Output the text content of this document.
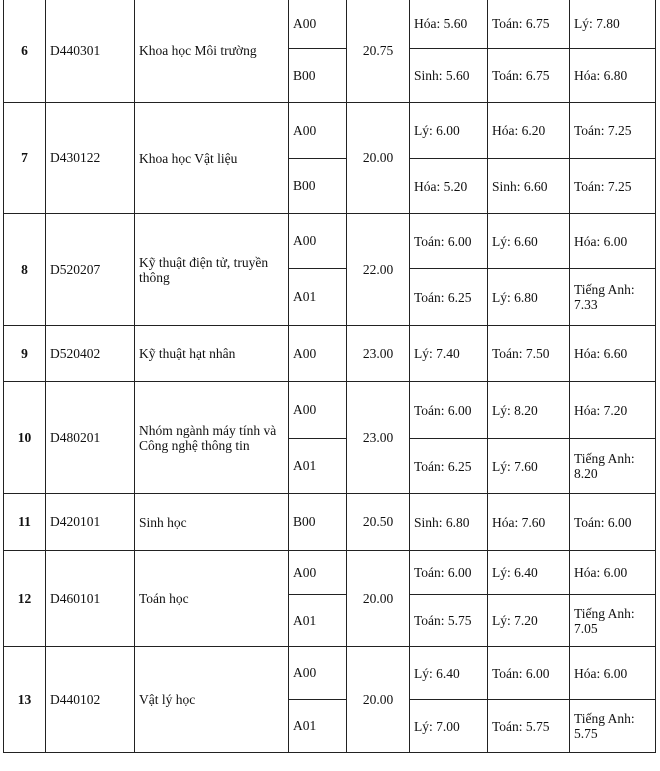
6	D440301	Khoa học Môi trường	A00	20.75	Hóa: 5.60	Toán: 6.75	Lý: 7.80
			B00		Sinh: 5.60	Toán: 6.75	Hóa: 6.80
7	D430122	Khoa học Vật liệu	A00	20.00	Lý: 6.00	Hóa: 6.20	Toán: 7.25
			B00		Hóa: 5.20	Sinh: 6.60	Toán: 7.25
8	D520207	Kỹ thuật điện tử, truyền thông	A00	22.00	Toán: 6.00	Lý: 6.60	Hóa: 6.00
			A01		Toán: 6.25	Lý: 6.80	Tiếng Anh: 7.33
9	D520402	Kỹ thuật hạt nhân	A00	23.00	Lý: 7.40	Toán: 7.50	Hóa: 6.60
10	D480201	Nhóm ngành máy tính và Công nghệ thông tin	A00	23.00	Toán: 6.00	Lý: 8.20	Hóa: 7.20
			A01		Toán: 6.25	Lý: 7.60	Tiếng Anh: 8.20
11	D420101	Sinh học	B00	20.50	Sinh: 6.80	Hóa: 7.60	Toán: 6.00
12	D460101	Toán học	A00	20.00	Toán: 6.00	Lý: 6.40	Hóa: 6.00
			A01		Toán: 5.75	Lý: 7.20	Tiếng Anh: 7.05
13	D440102	Vật lý học	A00	20.00	Lý: 6.40	Toán: 6.00	Hóa: 6.00
			A01		Lý: 7.00	Toán: 5.75	Tiếng Anh: 5.75
